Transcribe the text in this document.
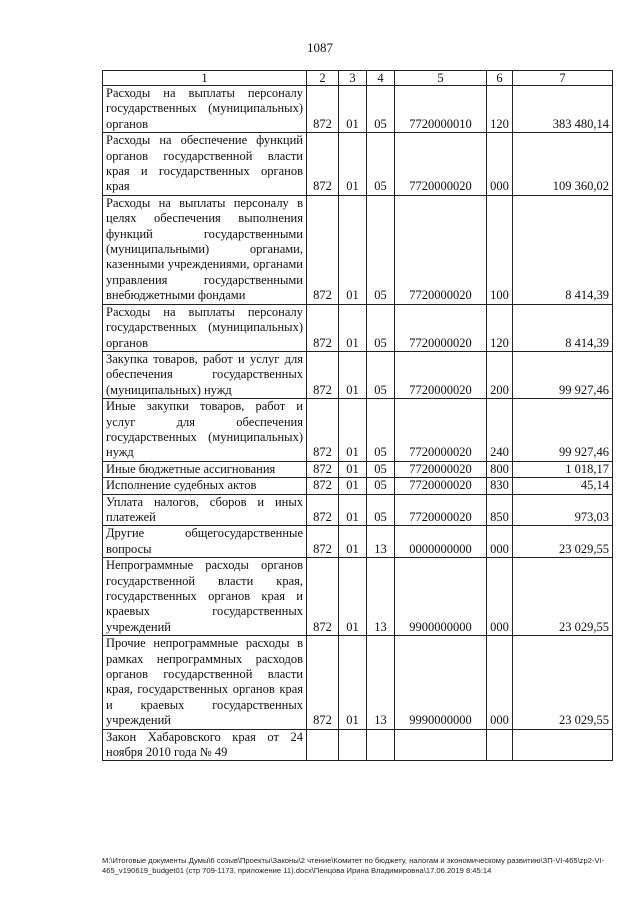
1087
1	2	3	4	5	6	7
Расходы на выплаты персоналу государственных (муниципальных) органов	872	01	05	7720000010	120	383 480,14
Расходы на обеспечение функций органов государственной власти края и государственных органов края	872	01	05	7720000020	000	109 360,02
Расходы на выплаты персоналу в целях обеспечения выполнения функций государственными (муниципальными) органами, казенными учреждениями, органами управления государственными внебюджетными фондами	872	01	05	7720000020	100	8 414,39
Расходы на выплаты персоналу государственных (муниципальных) органов	872	01	05	7720000020	120	8 414,39
Закупка товаров, работ и услуг для обеспечения государственных (муниципальных) нужд	872	01	05	7720000020	200	99 927,46
Иные закупки товаров, работ и услуг для обеспечения государственных (муниципальных) нужд	872	01	05	7720000020	240	99 927,46
Иные бюджетные ассигнования	872	01	05	7720000020	800	1 018,17
Исполнение судебных актов	872	01	05	7720000020	830	45,14
Уплата налогов, сборов и иных платежей	872	01	05	7720000020	850	973,03
Другие общегосударственные вопросы	872	01	13	0000000000	000	23 029,55
Непрограммные расходы органов государственной власти края, государственных органов края и краевых государственных учреждений	872	01	13	9900000000	000	23 029,55
Прочие непрограммные расходы в рамках непрограммных расходов органов государственной власти края, государственных органов края и краевых государственных учреждений	872	01	13	9990000000	000	23 029,55
Закон Хабаровского края от 24 ноября 2010 года № 49						
M:\Итоговые документы Думы\6 созыв\Проекты\Законы\2 чтение\Комитет по бюджету, налогам и экономическому развитию\ЗП-VI-465\zp2-VI-465_v190619_budget01 (стр 709-1173, приложение 11).docx\Пенцова Ирина Владимировна\17.06.2019 8:45:14
